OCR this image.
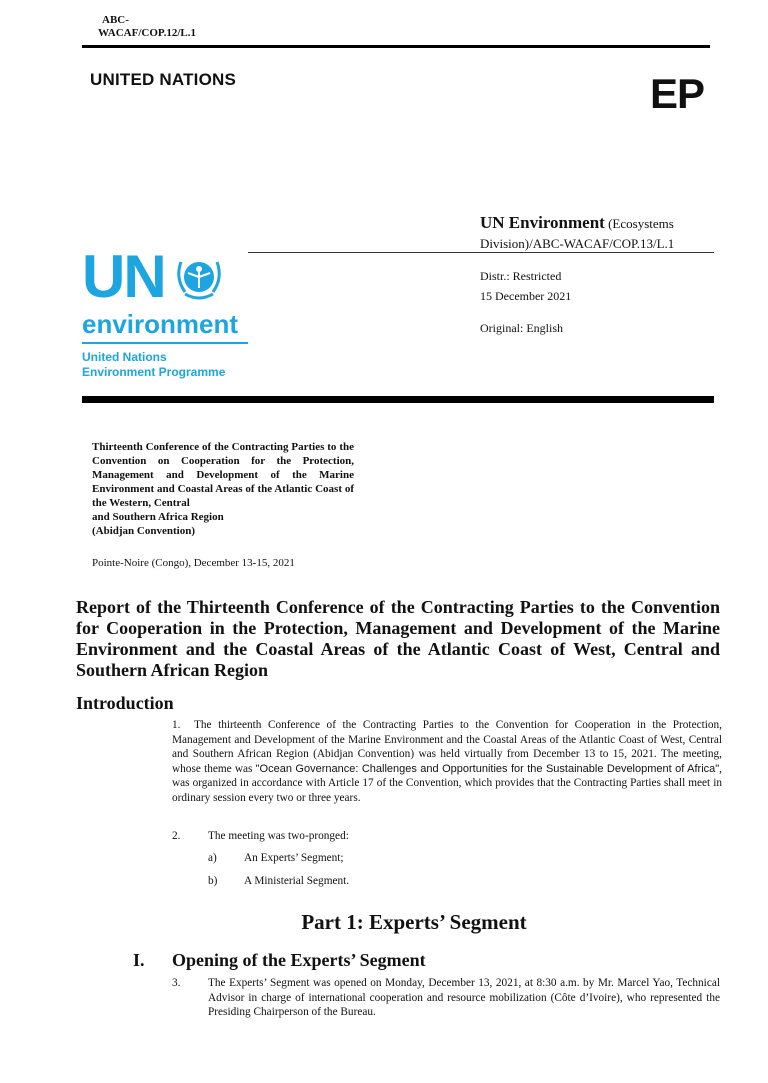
ABC-
WACAF/COP.12/L.1
UNITED NATIONS	EP
UN Environment (Ecosystems Division)/ABC-WACAF/COP.13/L.1
Distr.: Restricted
15 December 2021
Original: English
UN
environment
United Nations
Environment Programme
Thirteenth Conference of the Contracting Parties to the Convention on Cooperation for the Protection, Management and Development of the Marine Environment and Coastal Areas of the Atlantic Coast of the Western, Central
and Southern Africa Region
(Abidjan Convention)
Pointe-Noire (Congo), December 13-15, 2021
Report of the Thirteenth Conference of the Contracting Parties to the Convention for Cooperation in the Protection, Management and Development of the Marine Environment and the Coastal Areas of the Atlantic Coast of West, Central and Southern African Region
Introduction
1. The thirteenth Conference of the Contracting Parties to the Convention for Cooperation in the Protection, Management and Development of the Marine Environment and the Coastal Areas of the Atlantic Coast of West, Central and Southern African Region (Abidjan Convention) was held virtually from December 13 to 15, 2021. The meeting, whose theme was "Ocean Governance: Challenges and Opportunities for the Sustainable Development of Africa", was organized in accordance with Article 17 of the Convention, which provides that the Contracting Parties shall meet in ordinary session every two or three years.
2. The meeting was two-pronged:
a) An Experts’ Segment;
b) A Ministerial Segment.
Part 1: Experts’ Segment
I. Opening of the Experts’ Segment
3. The Experts’ Segment was opened on Monday, December 13, 2021, at 8:30 a.m. by Mr. Marcel Yao, Technical Advisor in charge of international cooperation and resource mobilization (Côte d’Ivoire), who represented the Presiding Chairperson of the Bureau.
